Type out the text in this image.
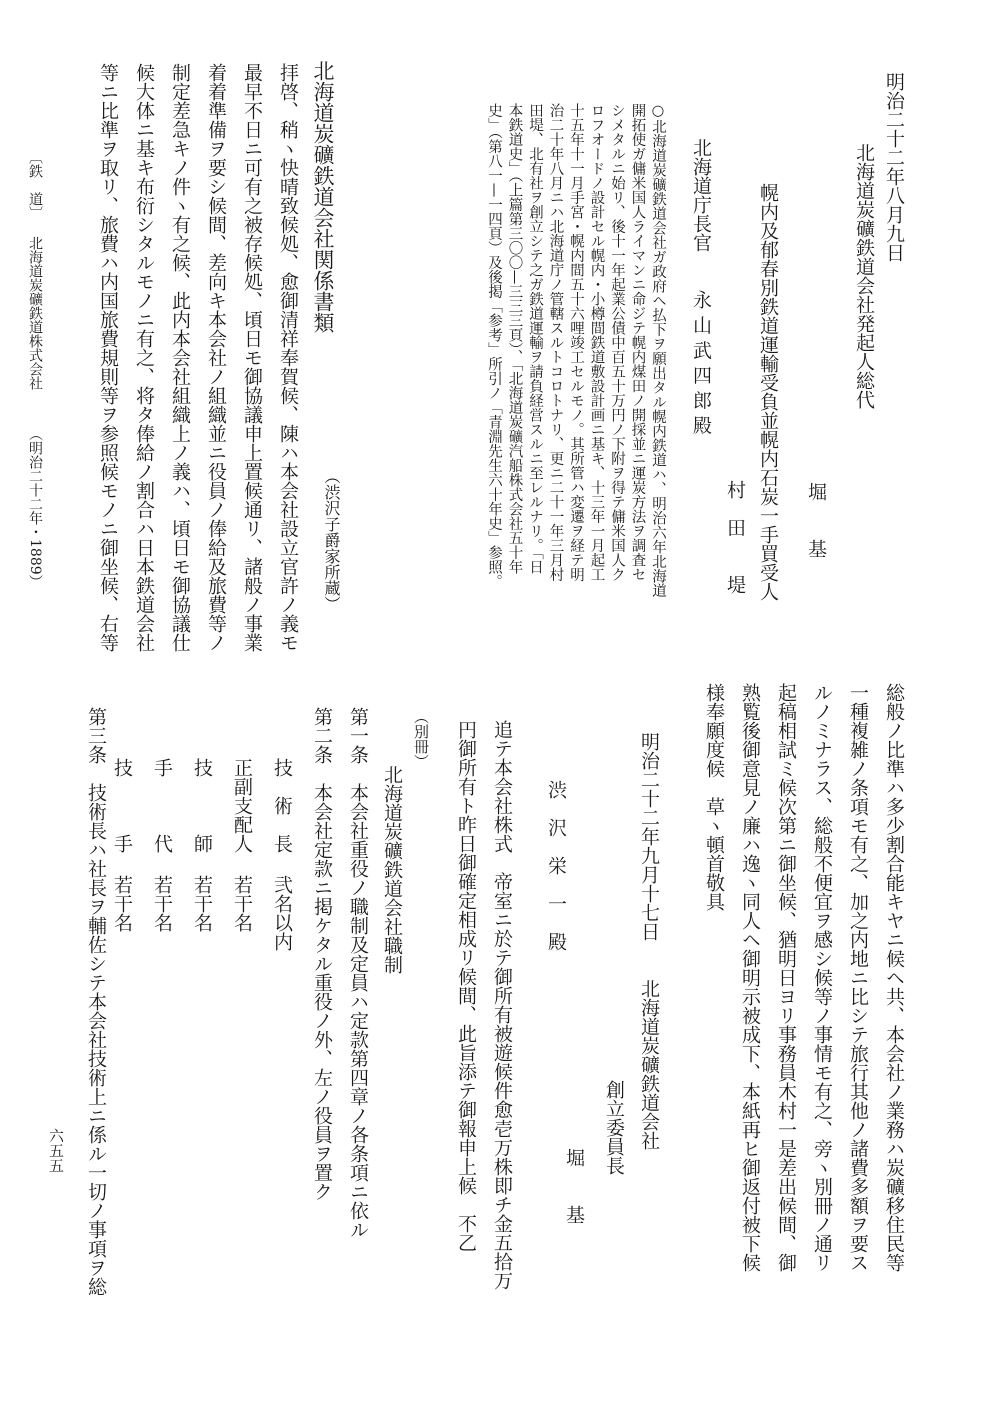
明治二十二年八月九日
北海道炭礦鉄道会社発起人総代
堀　　基
幌内及郁春別鉄道運輸受負並幌内石炭一手買受人
村　田　　堤
北海道庁長官　　永 山 武 四 郎 殿
○北海道炭礦鉄道会社ガ政府ヘ払下ヲ願出タル幌内鉄道ハ、明治六年北海道
開拓使ガ傭米国人ライマンニ命ジテ幌内煤田ノ開採並ニ運炭方法ヲ調査セ
シメタルニ始リ、後十一年起業公債中百五十万円ノ下附ヲ得テ傭米国人ク
ロフオードノ設計セル幌内・小樽間鉄道敷設計画ニ基キ、十三年一月起工
十五年十一月手宮・幌内間五十六哩竣工セルモノ。其所管ハ変遷ヲ経テ明
治二十年八月ニハ北海道庁ノ管轄スルトコロトナリ、更ニ二十一年三月村
田堤、北有社ヲ創立シテ之ガ鉄道運輸ヲ請負経営スルニ至レルナリ。「日
本鉄道史」（上篇第三〇〇—三三三頁）、「北海道炭礦汽船株式会社五十年
史」（第八一—一四頁）及後掲「参考」所引ノ「青淵先生六十年史」参照。
北海道炭礦鉄道会社関係書類
（渋沢子爵家所蔵）
拝啓、稍ヽ快晴致候処、愈御清祥奉賀候、陳ハ本会社設立官許ノ義モ
最早不日ニ可有之被存候処、頃日モ御協議申上置候通リ、諸般ノ事業
着着準備ヲ要シ候間、差向キ本会社ノ組織並ニ役員ノ俸給及旅費等ノ
制定差急キノ件ヽ有之候、此内本会社組織上ノ義ハ、頃日モ御協議仕
候大体ニ基キ布衍シタルモノニ有之、将タ俸給ノ割合ハ日本鉄道会社
等ニ比準ヲ取リ、旅費ハ内国旅費規則等ヲ参照候モノニ御坐候、右等
〔鉄　道〕
北海道炭礦鉄道株式会社
（明治二十二年・1889）
総般ノ比準ハ多少割合能キヤニ候ヘ共、本会社ノ業務ハ炭礦移住民等
一種複雑ノ条項モ有之、加之内地ニ比シテ旅行其他ノ諸費多額ヲ要ス
ルノミナラス、総般不便宜ヲ感シ候等ノ事情モ有之、旁ヽ別冊ノ通リ
起稿相試ミ候次第ニ御坐候、猶明日ヨリ事務員木村一是差出候間、御
熟覧後御意見ノ廉ハ逸ヽ同人ヘ御明示被成下、本紙再ヒ御返付被下候
様奉願度候　草ヽ頓首敬具
明治二十二年九月十七日　　北海道炭礦鉄道会社
創立委員長
堀　　基
渋　沢　栄　一　殿
追テ本会社株式　帝室ニ於テ御所有被遊候件愈壱万株即チ金五拾万
円御所有ト昨日御確定相成リ候間、此旨添テ御報申上候　不乙
（別冊）
北海道炭礦鉄道会社職制
第一条　本会社重役ノ職制及定員ハ定款第四章ノ各条項ニ依ル
第二条　本会社定款ニ掲ケタル重役ノ外、左ノ役員ヲ置ク
技　術　長
弐名以内
正副支配人
若干名
技　　　師
若干名
手　　　代
若干名
技　　　手
若干名
第三条　技術長ハ社長ヲ輔佐シテ本会社技術上ニ係ル一切ノ事項ヲ総
六五五
